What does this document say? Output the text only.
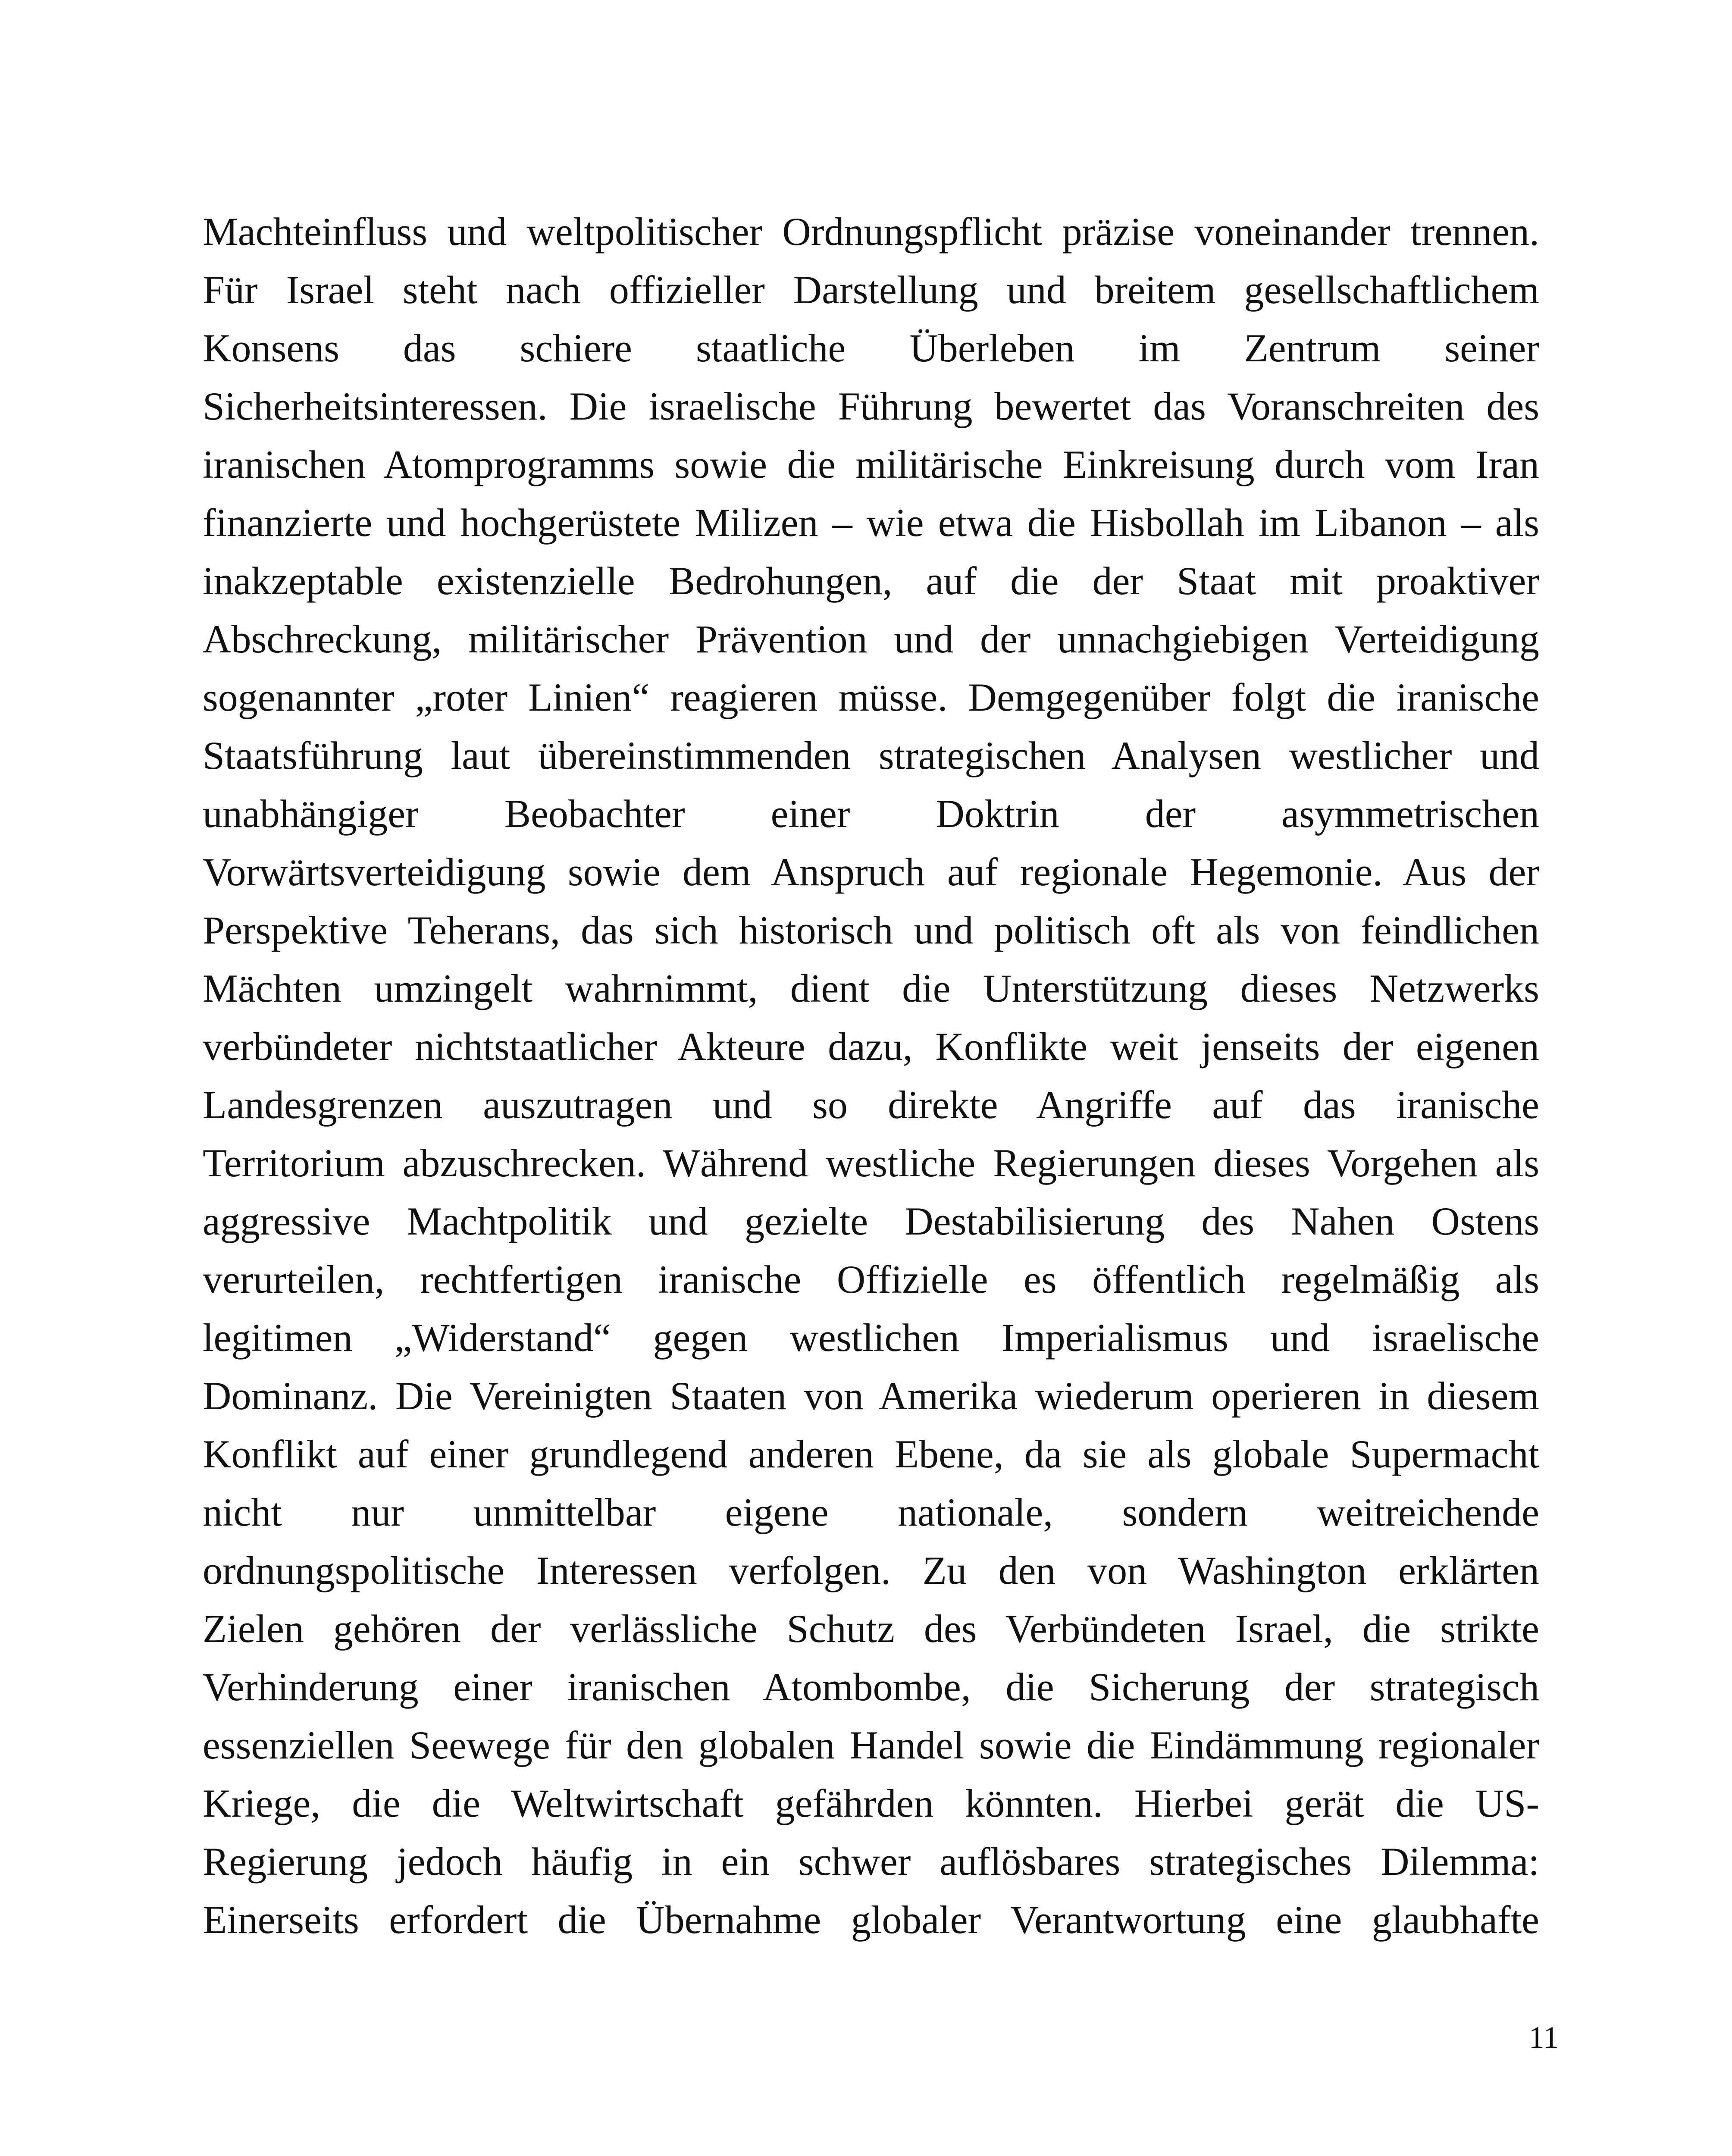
Machteinfluss und weltpolitischer Ordnungspflicht präzise voneinander trennen.
Für Israel steht nach offizieller Darstellung und breitem gesellschaftlichem
Konsens das schiere staatliche Überleben im Zentrum seiner
Sicherheitsinteressen. Die israelische Führung bewertet das Voranschreiten des
iranischen Atomprogramms sowie die militärische Einkreisung durch vom Iran
finanzierte und hochgerüstete Milizen – wie etwa die Hisbollah im Libanon – als
inakzeptable existenzielle Bedrohungen, auf die der Staat mit proaktiver
Abschreckung, militärischer Prävention und der unnachgiebigen Verteidigung
sogenannter „roter Linien“ reagieren müsse. Demgegenüber folgt die iranische
Staatsführung laut übereinstimmenden strategischen Analysen westlicher und
unabhängiger Beobachter einer Doktrin der asymmetrischen
Vorwärtsverteidigung sowie dem Anspruch auf regionale Hegemonie. Aus der
Perspektive Teherans, das sich historisch und politisch oft als von feindlichen
Mächten umzingelt wahrnimmt, dient die Unterstützung dieses Netzwerks
verbündeter nichtstaatlicher Akteure dazu, Konflikte weit jenseits der eigenen
Landesgrenzen auszutragen und so direkte Angriffe auf das iranische
Territorium abzuschrecken. Während westliche Regierungen dieses Vorgehen als
aggressive Machtpolitik und gezielte Destabilisierung des Nahen Ostens
verurteilen, rechtfertigen iranische Offizielle es öffentlich regelmäßig als
legitimen „Widerstand“ gegen westlichen Imperialismus und israelische
Dominanz. Die Vereinigten Staaten von Amerika wiederum operieren in diesem
Konflikt auf einer grundlegend anderen Ebene, da sie als globale Supermacht
nicht nur unmittelbar eigene nationale, sondern weitreichende
ordnungspolitische Interessen verfolgen. Zu den von Washington erklärten
Zielen gehören der verlässliche Schutz des Verbündeten Israel, die strikte
Verhinderung einer iranischen Atombombe, die Sicherung der strategisch
essenziellen Seewege für den globalen Handel sowie die Eindämmung regionaler
Kriege, die die Weltwirtschaft gefährden könnten. Hierbei gerät die US-
Regierung jedoch häufig in ein schwer auflösbares strategisches Dilemma:
Einerseits erfordert die Übernahme globaler Verantwortung eine glaubhafte
11
